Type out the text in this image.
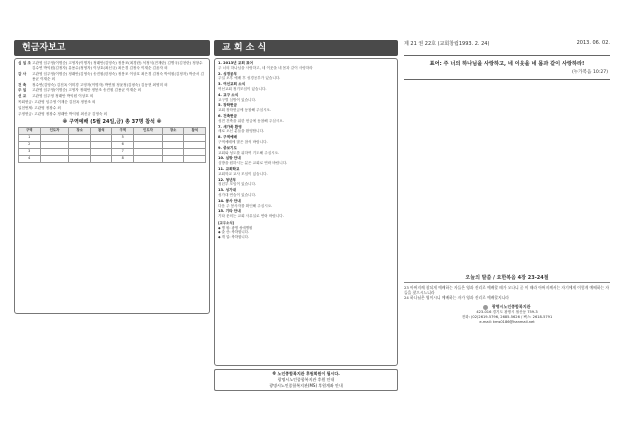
헌금자보고
십 일 조 고관영 임주영(이명순) 고영자(이명자) 정래안(김영숙) 정봉조(최경란) 석정식(전재란) 김병국(김천란) 정창수 김수연 박익원(김정자) 유용수(정영자) 이상호(최신규) 최은경 김정숙 이재순 김윤자 외
감 사	고관영 임주영(이명순) 정래안(김영숙) 송진원(한정숙) 정봉조 이상호 최은경 김정숙 박익원(김정자) 박준서 김용균 이재순 외
건 축	정수연(김영숙) 김천옥 이미경 고영자(이명자) 박연철 정윤정(김평숙) 김동현 최영미 외
주 일	고관영 임주영(이명순) 고영자 정래안 정봉조 송진원 김용균 이재순 외
선 교	고관영 임주영 정래안 박익원 이상호 외

목회헌금: 고관영 임주영 이재순 김천옥 정봉조 외

일천번제: 고관영 정창수 외

주정헌금: 고관영 정창수 정래안 박익원 최신규 김영숙 외

※ 구역예배 (5월 24일,금) 총 37명 참석 ※
구역	인도자	장소	참석	구역	인도자	장소	참석
1				5			
2				6			
3				7			
4				8			
교 회 소 식
1. 2013년 교회 표어
주 너의 하나님을 사랑하고, 네 이웃을 네 몸과 같이 사랑하라
2. 성경공부
주일 오후 예배 후 성경공부가 있습니다.
3. 여선교회 소식
여선교회 정기모임이 있습니다.
4. 교구 소식
교구별 심방이 있습니다.
5. 장학헌금
교회 장학헌금에 동참해 주십시오.
6. 건축헌금
성전 건축을 위한 헌금에 동참해 주십시오.
7. 새가족 환영
새로 오신 분들을 환영합니다.
8. 구역예배
구역예배에 많은 참석 바랍니다.
9. 중보기도
교회와 성도를 위하여 기도해 주십시오.
10. 심방 안내
심방을 원하시는 분은 교회로 연락 바랍니다.
11. 교회학교
교회학교 교사 모임이 있습니다.
12. 청년부
청년부 모임이 있습니다.
13. 성가대
성가대 연습이 있습니다.
14. 봉사 안내
다음 주 봉사자를 확인해 주십시오.
15. 기타 안내
기타 문의는 교회 사무실로 연락 바랍니다.
[교우소식]
◆ 병 원: 광명 성애병원
◆ 출 산: 축하합니다.
◆ 개 업: 축하합니다.
※ 노인종합복지관 후원회원이 됩시다.
광명시노인종합복지관 후원 안내
광명시노인종합복지관(MS) 후원계좌 안내
제 21 권 22호 (교회창립1993. 2. 24)	2013. 06. 02.
표어: 주 너의 하나님을 사랑하고, 네 이웃을 네 몸과 같이 사랑하라!
(누가복음 10:27)
오늘의 말씀 / 요한복음 4장 23-24절
23 아버지께 참되게 예배하는 자들은 영과 진리로 예배할 때가 오나니 곧 이 때라 아버지께서는 자기에게 이렇게 예배하는 자들을 찾으시느니라
24 하나님은 영이시니 예배하는 자가 영과 진리로 예배할지니라
광명시노인종합복지관
423-016 경기도 광명시 철산동 759-3
전화: (02)2619-5796, 2685-5626 / 팩스: 2618-5791
e-mail: kms0186@hanmail.net
